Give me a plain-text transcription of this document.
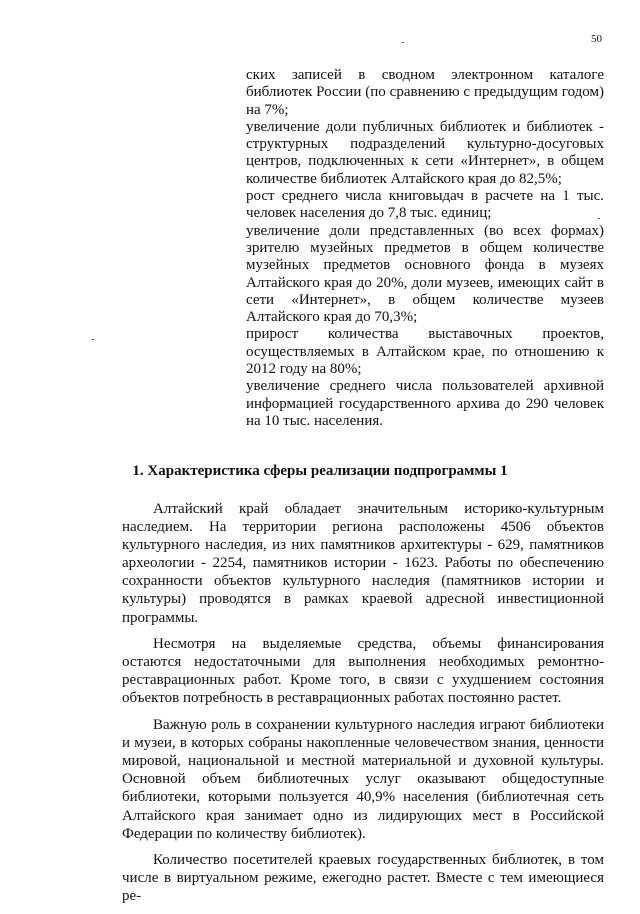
50

ских записей в сводном электронном каталоге библиотек России (по сравнению с предыдущим годом) на 7%;

увеличение доли публичных библиотек и библиотек - структурных подразделений культурно-досуговых центров, подключенных к сети «Интернет», в общем количестве библиотек Алтайского края до 82,5%;

рост среднего числа книговыдач в расчете на 1 тыс. человек населения до 7,8 тыс. единиц;

увеличение доли представленных (во всех формах) зрителю музейных предметов в общем количестве музейных предметов основного фонда в музеях Алтайского края до 20%, доли музеев, имеющих сайт в сети «Интернет», в общем количестве музеев Алтайского края до 70,3%;

прирост количества выставочных проектов, осуществляемых в Алтайском крае, по отношению к 2012 году на 80%;

увеличение среднего числа пользователей архивной информацией государственного архива до 290 человек на 10 тыс. населения.

1. Характеристика сферы реализации подпрограммы 1

Алтайский край обладает значительным историко-культурным наследием. На территории региона расположены 4506 объектов культурного наследия, из них памятников архитектуры - 629, памятников археологии - 2254, памятников истории - 1623. Работы по обеспечению сохранности объектов культурного наследия (памятников истории и культуры) проводятся в рамках краевой адресной инвестиционной программы.

Несмотря на выделяемые средства, объемы финансирования остаются недостаточными для выполнения необходимых ремонтно-реставрационных работ. Кроме того, в связи с ухудшением состояния объектов потребность в реставрационных работах постоянно растет.

Важную роль в сохранении культурного наследия играют библиотеки и музеи, в которых собраны накопленные человечеством знания, ценности мировой, национальной и местной материальной и духовной культуры. Основной объем библиотечных услуг оказывают общедоступные библиотеки, которыми пользуется 40,9% населения (библиотечная сеть Алтайского края занимает одно из лидирующих мест в Российской Федерации по количеству библиотек).

Количество посетителей краевых государственных библиотек, в том числе в виртуальном режиме, ежегодно растет. Вместе с тем имеющиеся ре-
